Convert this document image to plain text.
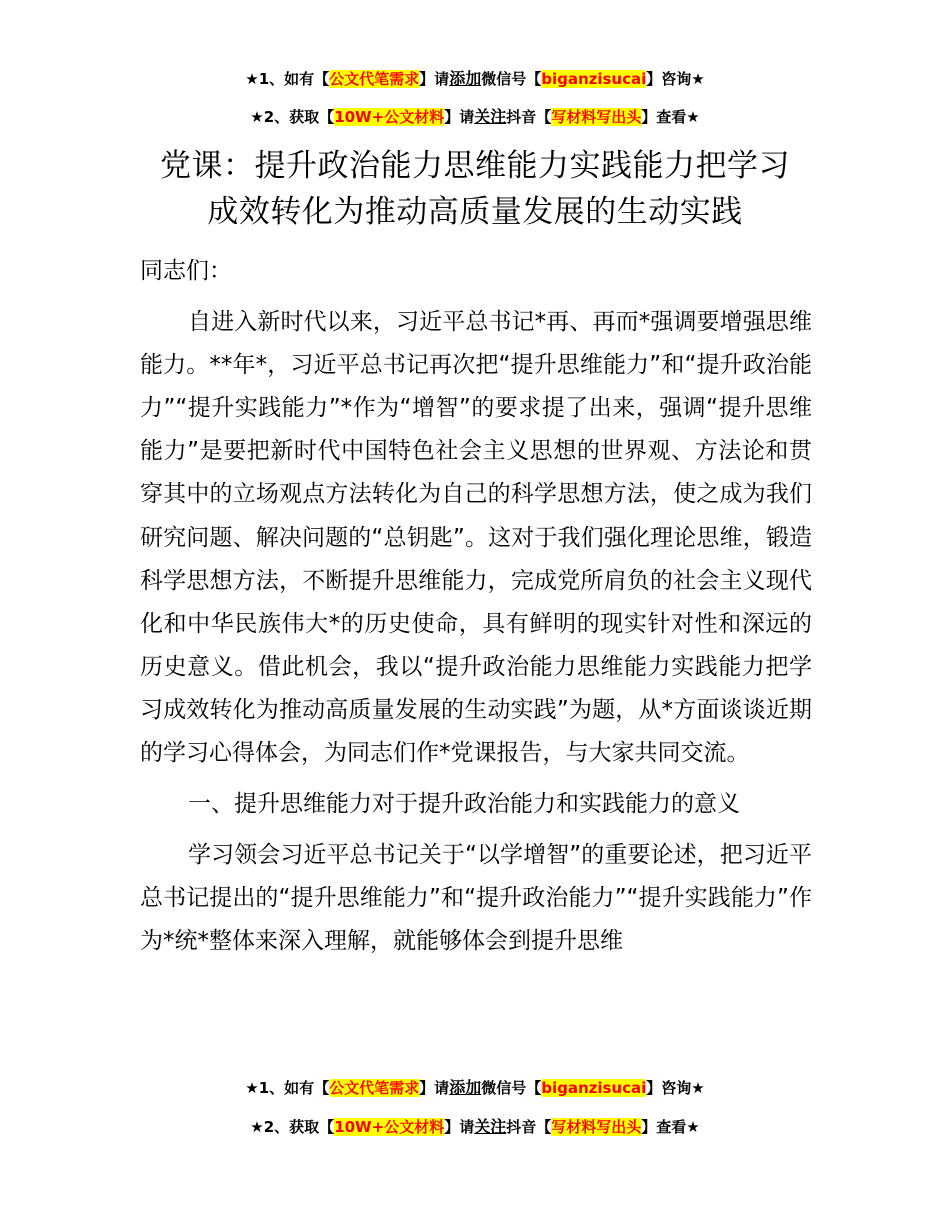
★1、如有【公文代笔需求】请添加微信号【biganzisucai】咨询★
★2、获取【10W+公文材料】请关注抖音【写材料写出头】查看★
党课：提升政治能力思维能力实践能力把学习
成效转化为推动高质量发展的生动实践

同志们：

自进入新时代以来，习近平总书记*再、再而*强调要增强思维能力。**年*，习近平总书记再次把“提升思维能力”和“提升政治能力”“提升实践能力”*作为“增智”的要求提了出来，强调“提升思维能力”是要把新时代中国特色社会主义思想的世界观、方法论和贯穿其中的立场观点方法转化为自己的科学思想方法，使之成为我们研究问题、解决问题的“总钥匙”。这对于我们强化理论思维，锻造科学思想方法，不断提升思维能力，完成党所肩负的社会主义现代化和中华民族伟大*的历史使命，具有鲜明的现实针对性和深远的历史意义。借此机会，我以“提升政治能力思维能力实践能力把学习成效转化为推动高质量发展的生动实践”为题，从*方面谈谈近期的学习心得体会，为同志们作*党课报告，与大家共同交流。

一、提升思维能力对于提升政治能力和实践能力的意义

学习领会习近平总书记关于“以学增智”的重要论述，把习近平总书记提出的“提升思维能力”和“提升政治能力”“提升实践能力”作为*统*整体来深入理解，就能够体会到提升思维

★1、如有【公文代笔需求】请添加微信号【biganzisucai】咨询★
★2、获取【10W+公文材料】请关注抖音【写材料写出头】查看★
